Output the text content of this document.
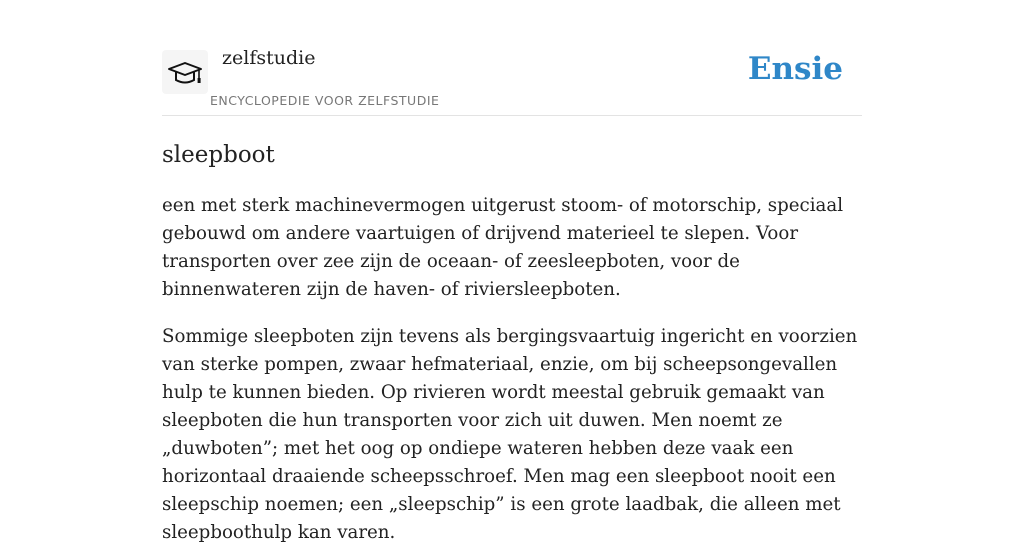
zelfstudie
ENCYCLOPEDIE VOOR ZELFSTUDIE
Ensie
sleepboot

een met sterk machinevermogen uitgerust stoom- of motorschip, speciaal gebouwd om andere vaartuigen of drijvend materieel te slepen. Voor transporten over zee zijn de oceaan- of zeesleepboten, voor de binnenwateren zijn de haven- of riviersleepboten.

Sommige sleepboten zijn tevens als bergingsvaartuig ingericht en voorzien van sterke pompen, zwaar hefmateriaal, enzie, om bij scheepsongevallen hulp te kunnen bieden. Op rivieren wordt meestal gebruik gemaakt van sleepboten die hun transporten voor zich uit duwen. Men noemt ze „duwboten”; met het oog op ondiepe wateren hebben deze vaak een horizontaal draaiende scheepsschroef. Men mag een sleepboot nooit een sleepschip noemen; een „sleepschip” is een grote laadbak, die alleen met sleepboothulp kan varen.
